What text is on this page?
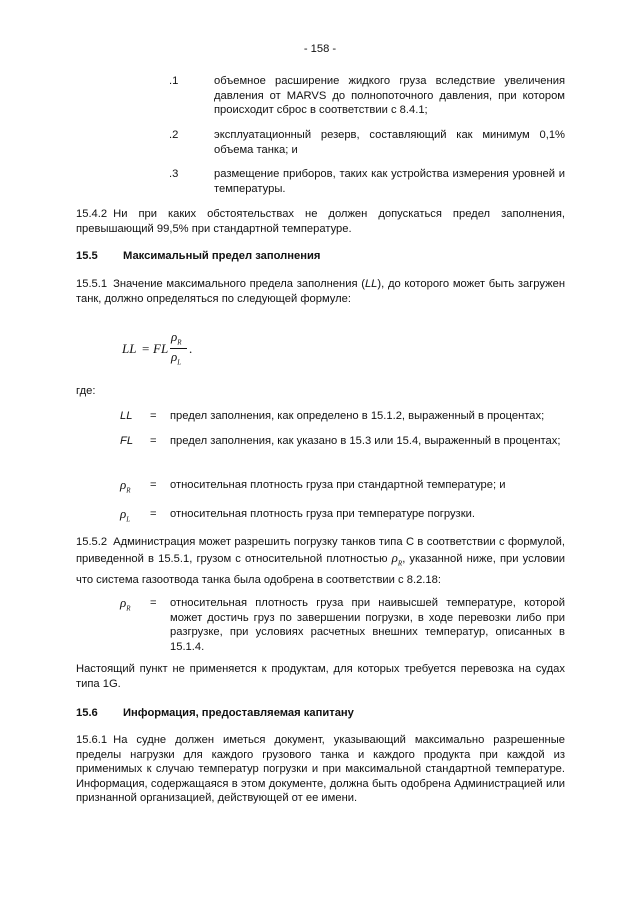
- 158 -
.1	объемное расширение жидкого груза вследствие увеличения давления от MARVS до полнопоточного давления, при котором происходит сброс в соответствии с 8.4.1;
.2	эксплуатационный резерв, составляющий как минимум 0,1% объема танка; и
.3	размещение приборов, таких как устройства измерения уровней и температуры.
15.4.2 Ни при каких обстоятельствах не должен допускаться предел заполнения, превышающий 99,5% при стандартной температуре.
15.5 Максимальный предел заполнения
15.5.1 Значение максимального предела заполнения (LL), до которого может быть загружен танк, должно определяться по следующей формуле:
LL = FL
$\rho_R$
$\rho_L$
.
где:
LL = предел заполнения, как определено в 15.1.2, выраженный в процентах;
FL = предел заполнения, как указано в 15.3 или 15.4, выраженный в процентах;
$\rho_R$ = относительная плотность груза при стандартной температуре; и
$\rho_L$ = относительная плотность груза при температуре погрузки.
15.5.2 Администрация может разрешить погрузку танков типа C в соответствии с формулой, приведенной в 15.5.1, грузом с относительной плотностью $\rho_R$, указанной ниже, при условии что система газоотвода танка была одобрена в соответствии с 8.2.18:
$\rho_R$ = относительная плотность груза при наивысшей температуре, которой может достичь груз по завершении погрузки, в ходе перевозки либо при разгрузке, при условиях расчетных внешних температур, описанных в 15.1.4.
Настоящий пункт не применяется к продуктам, для которых требуется перевозка на судах типа 1G.
15.6 Информация, предоставляемая капитану
15.6.1 На судне должен иметься документ, указывающий максимально разрешенные пределы нагрузки для каждого грузового танка и каждого продукта при каждой из применимых к случаю температур погрузки и при максимальной стандартной температуре. Информация, содержащаяся в этом документе, должна быть одобрена Администрацией или признанной организацией, действующей от ее имени.
